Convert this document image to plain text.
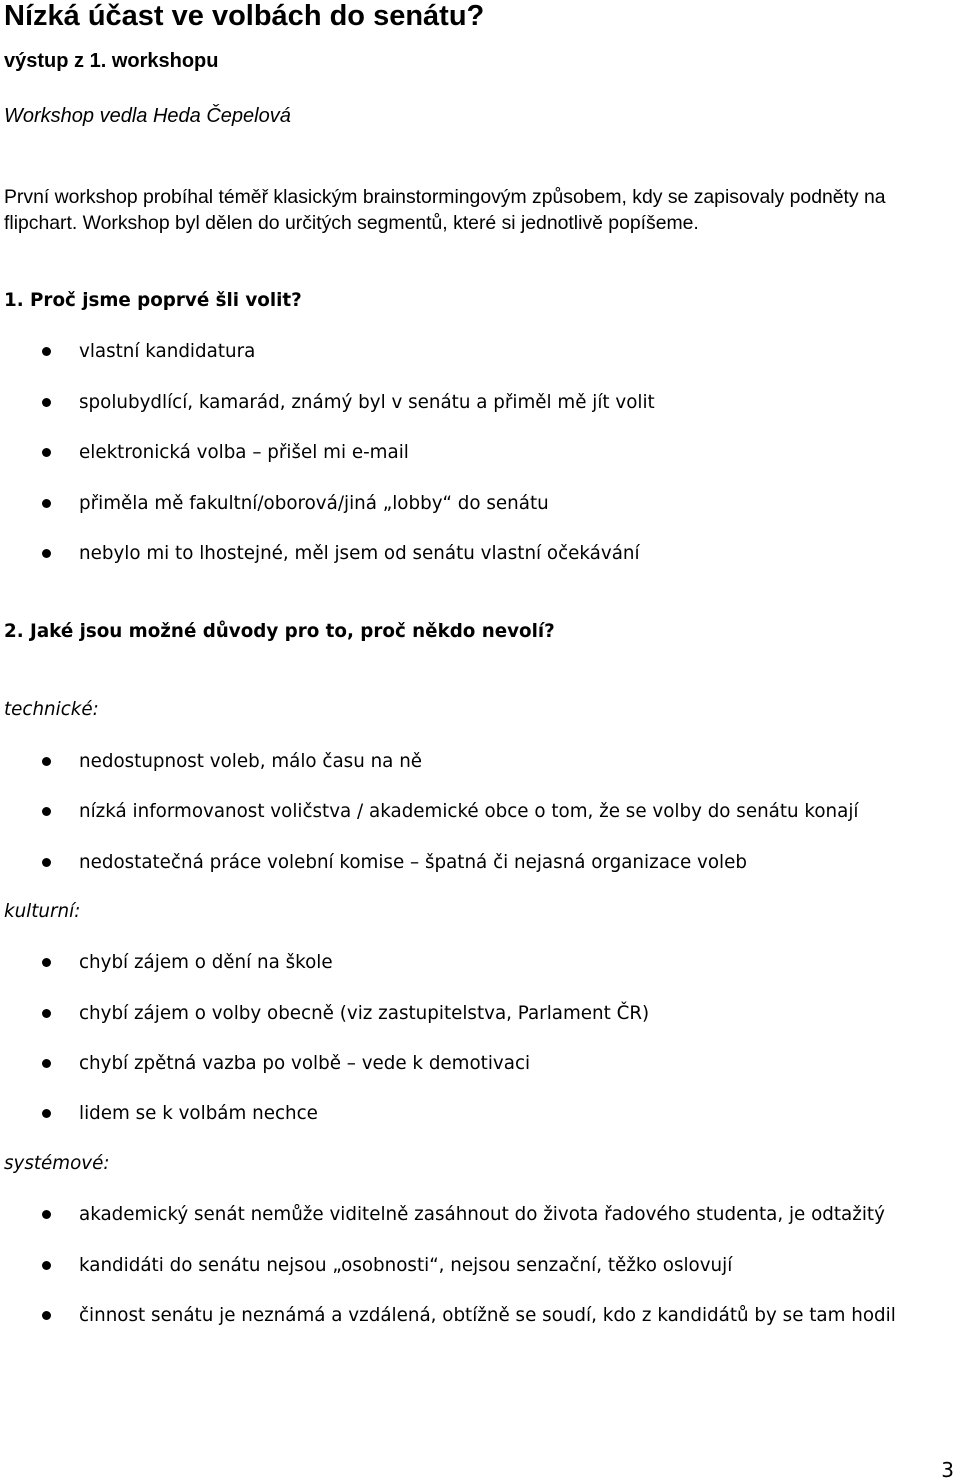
Nízká účast ve volbách do senátu?
výstup z 1. workshopu
Workshop vedla Heda Čepelová
První workshop probíhal téměř klasickým brainstormingovým způsobem, kdy se zapisovaly podněty na flipchart. Workshop byl dělen do určitých segmentů, které si jednotlivě popíšeme.
1. Proč jsme poprvé šli volit?
vlastní kandidatura
spolubydlící, kamarád, známý byl v senátu a přiměl mě jít volit
elektronická volba – přišel mi e-mail
přiměla mě fakultní/oborová/jiná „lobby“ do senátu
nebylo mi to lhostejné, měl jsem od senátu vlastní očekávání
2. Jaké jsou možné důvody pro to, proč někdo nevolí?
technické:
nedostupnost voleb, málo času na ně
nízká informovanost voličstva / akademické obce o tom, že se volby do senátu konají
nedostatečná práce volební komise – špatná či nejasná organizace voleb
kulturní:
chybí zájem o dění na škole
chybí zájem o volby obecně (viz zastupitelstva, Parlament ČR)
chybí zpětná vazba po volbě – vede k demotivaci
lidem se k volbám nechce
systémové:
akademický senát nemůže viditelně zasáhnout do života řadového studenta, je odtažitý
kandidáti do senátu nejsou „osobnosti“, nejsou senzační, těžko oslovují
činnost senátu je neznámá a vzdálená, obtížně se soudí, kdo z kandidátů by se tam hodil
3
